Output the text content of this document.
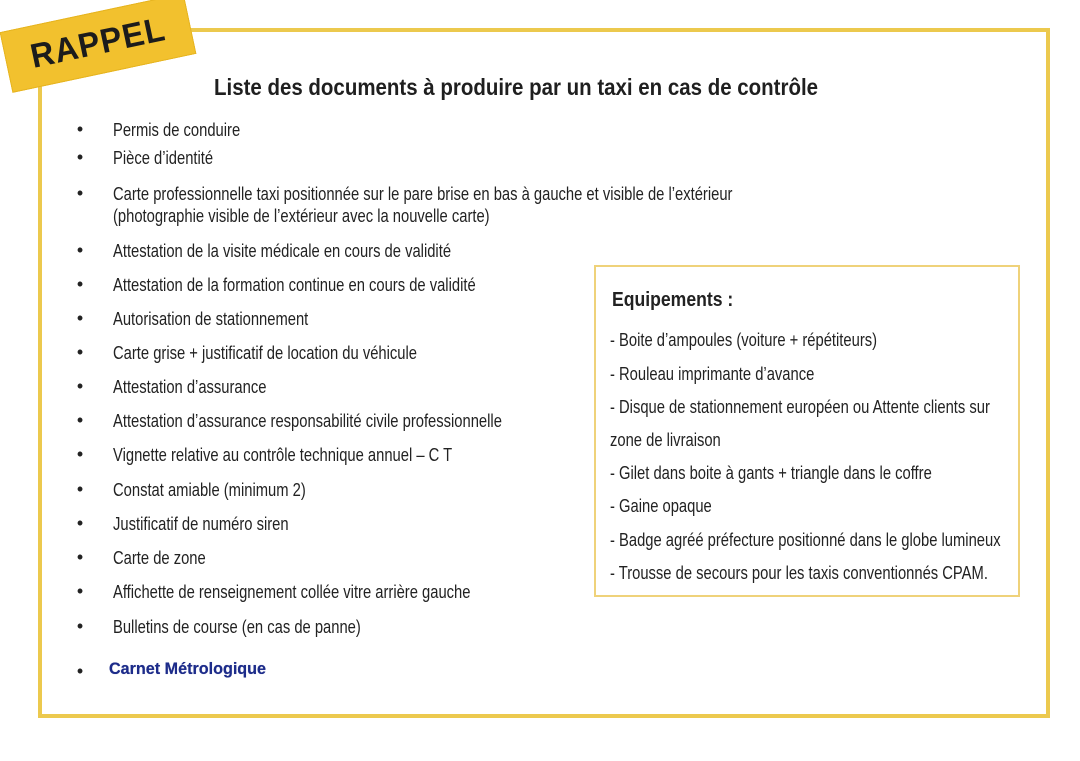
RAPPEL
Liste des documents à produire par un taxi en cas de contrôle
•	Permis de conduire
•	Pièce d’identité
•	Carte professionnelle taxi positionnée sur le pare brise en bas à gauche et visible de l’extérieur
(photographie visible de l’extérieur avec la nouvelle carte)
•	Attestation de la visite médicale en cours de validité
•	Attestation de la formation continue en cours de validité
•	Autorisation de stationnement
•	Carte grise + justificatif de location du véhicule
•	Attestation d’assurance
•	Attestation d’assurance responsabilité civile professionnelle
•	Vignette relative au contrôle technique annuel – C T
•	Constat amiable (minimum 2)
•	Justificatif de numéro siren
•	Carte de zone
•	Affichette de renseignement collée vitre arrière gauche
•	Bulletins de course (en cas de panne)
•	Carnet Métrologique
Equipements :
- Boite d’ampoules (voiture + répétiteurs)
- Rouleau imprimante d’avance
- Disque de stationnement européen ou Attente clients sur
zone de livraison
- Gilet dans boite à gants + triangle dans le coffre
- Gaine opaque
- Badge agréé préfecture positionné dans le globe lumineux
- Trousse de secours pour les taxis conventionnés CPAM.
